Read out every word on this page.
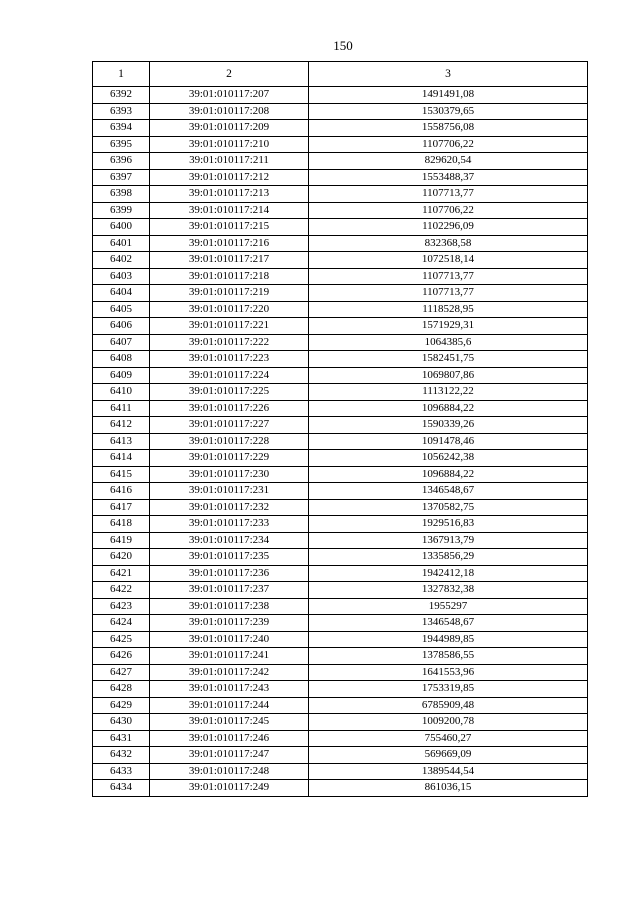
150
1	2	3
6392	39:01:010117:207	1491491,08
6393	39:01:010117:208	1530379,65
6394	39:01:010117:209	1558756,08
6395	39:01:010117:210	1107706,22
6396	39:01:010117:211	829620,54
6397	39:01:010117:212	1553488,37
6398	39:01:010117:213	1107713,77
6399	39:01:010117:214	1107706,22
6400	39:01:010117:215	1102296,09
6401	39:01:010117:216	832368,58
6402	39:01:010117:217	1072518,14
6403	39:01:010117:218	1107713,77
6404	39:01:010117:219	1107713,77
6405	39:01:010117:220	1118528,95
6406	39:01:010117:221	1571929,31
6407	39:01:010117:222	1064385,6
6408	39:01:010117:223	1582451,75
6409	39:01:010117:224	1069807,86
6410	39:01:010117:225	1113122,22
6411	39:01:010117:226	1096884,22
6412	39:01:010117:227	1590339,26
6413	39:01:010117:228	1091478,46
6414	39:01:010117:229	1056242,38
6415	39:01:010117:230	1096884,22
6416	39:01:010117:231	1346548,67
6417	39:01:010117:232	1370582,75
6418	39:01:010117:233	1929516,83
6419	39:01:010117:234	1367913,79
6420	39:01:010117:235	1335856,29
6421	39:01:010117:236	1942412,18
6422	39:01:010117:237	1327832,38
6423	39:01:010117:238	1955297
6424	39:01:010117:239	1346548,67
6425	39:01:010117:240	1944989,85
6426	39:01:010117:241	1378586,55
6427	39:01:010117:242	1641553,96
6428	39:01:010117:243	1753319,85
6429	39:01:010117:244	6785909,48
6430	39:01:010117:245	1009200,78
6431	39:01:010117:246	755460,27
6432	39:01:010117:247	569669,09
6433	39:01:010117:248	1389544,54
6434	39:01:010117:249	861036,15
